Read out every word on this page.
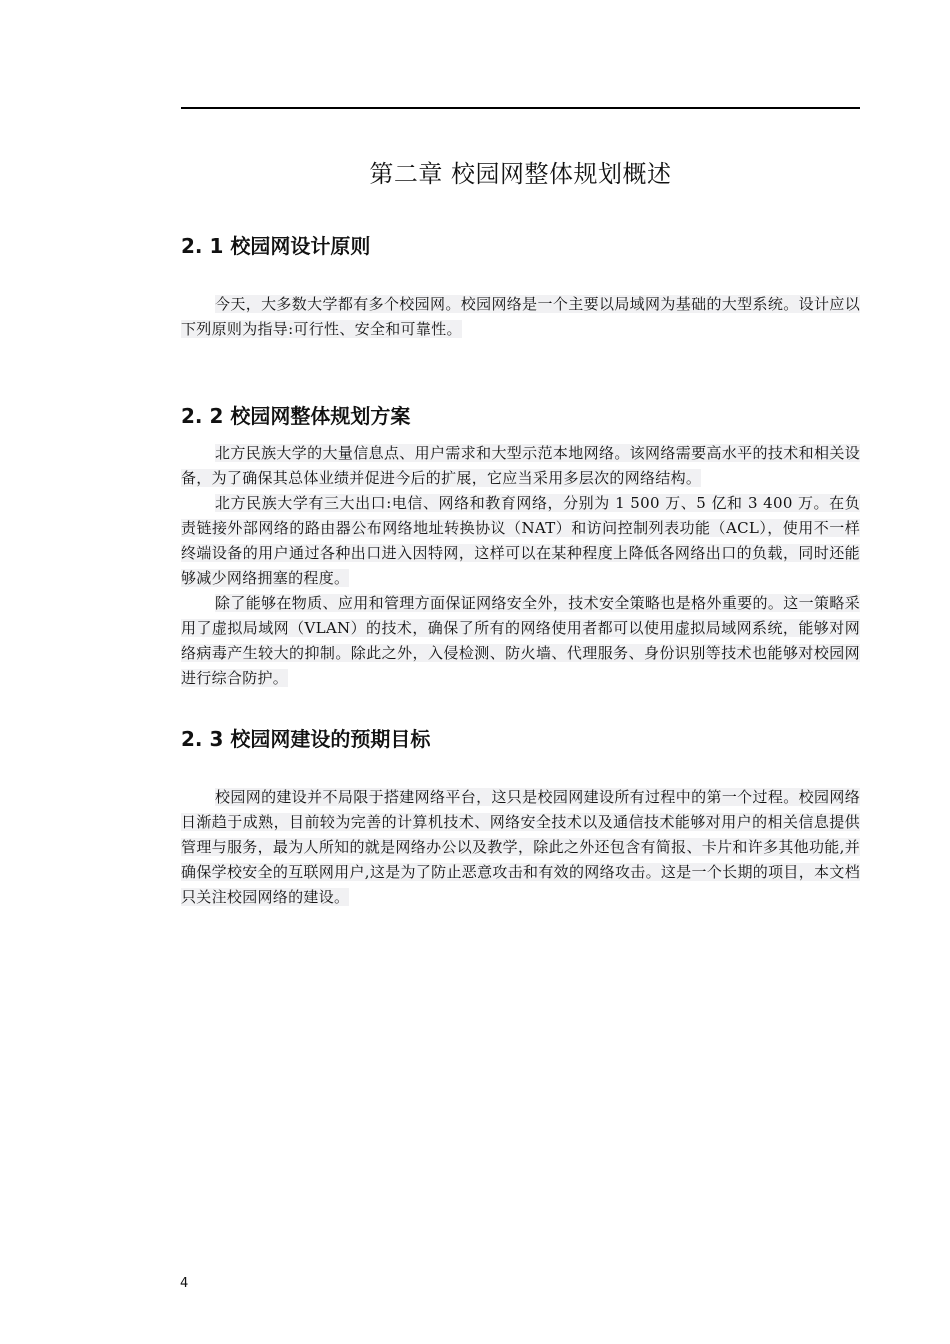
第二章 校园网整体规划概述
2. 1 校园网设计原则

今天，大多数大学都有多个校园网。校园网络是一个主要以局域网为基础的大型系统。设计应以下列原则为指导:可行性、安全和可靠性。

2. 2 校园网整体规划方案

北方民族大学的大量信息点、用户需求和大型示范本地网络。该网络需要高水平的技术和相关设备，为了确保其总体业绩并促进今后的扩展，它应当采用多层次的网络结构。

北方民族大学有三大出口:电信、网络和教育网络，分别为 1 500 万、5 亿和 3 400 万。在负责链接外部网络的路由器公布网络地址转换协议（NAT）和访问控制列表功能（ACL），使用不一样终端设备的用户通过各种出口进入因特网，这样可以在某种程度上降低各网络出口的负载，同时还能够减少网络拥塞的程度。

除了能够在物质、应用和管理方面保证网络安全外，技术安全策略也是格外重要的。这一策略采用了虚拟局域网（VLAN）的技术，确保了所有的网络使用者都可以使用虚拟局域网系统，能够对网络病毒产生较大的抑制。除此之外，入侵检测、防火墙、代理服务、身份识别等技术也能够对校园网进行综合防护。

2. 3 校园网建设的预期目标

校园网的建设并不局限于搭建网络平台，这只是校园网建设所有过程中的第一个过程。校园网络日渐趋于成熟，目前较为完善的计算机技术、网络安全技术以及通信技术能够对用户的相关信息提供管理与服务，最为人所知的就是网络办公以及教学，除此之外还包含有简报、卡片和许多其他功能,并确保学校安全的互联网用户,这是为了防止恶意攻击和有效的网络攻击。这是一个长期的项目，本文档只关注校园网络的建设。

4
